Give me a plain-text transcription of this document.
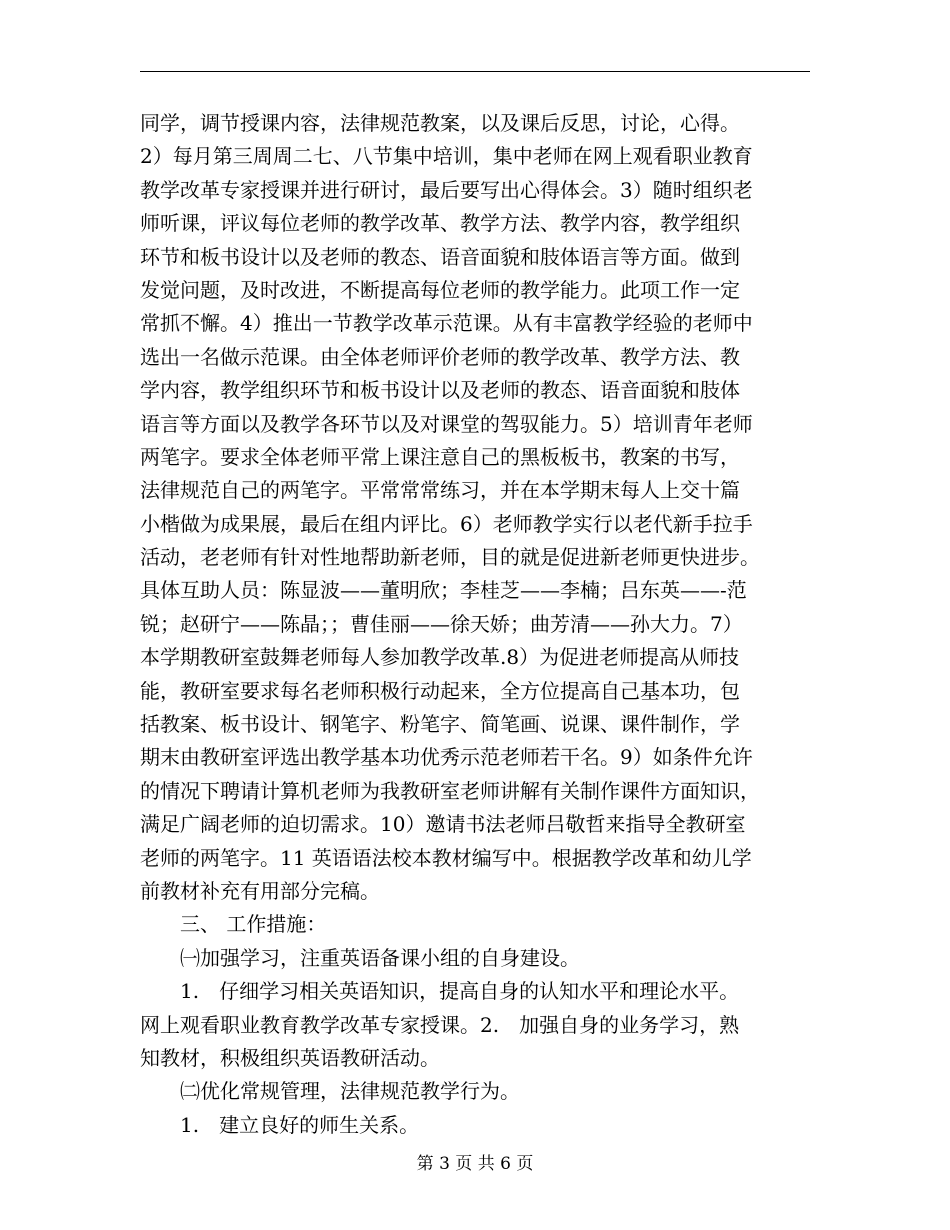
同学，调节授课内容，法律规范教案，以及课后反思，讨论，心得。
2）每月第三周周二七、八节集中培训，集中老师在网上观看职业教育
教学改革专家授课并进行研讨，最后要写出心得体会。3）随时组织老
师听课，评议每位老师的教学改革、教学方法、教学内容，教学组织
环节和板书设计以及老师的教态、语音面貌和肢体语言等方面。做到
发觉问题，及时改进，不断提高每位老师的教学能力。此项工作一定
常抓不懈。4）推出一节教学改革示范课。从有丰富教学经验的老师中
选出一名做示范课。由全体老师评价老师的教学改革、教学方法、教
学内容，教学组织环节和板书设计以及老师的教态、语音面貌和肢体
语言等方面以及教学各环节以及对课堂的驾驭能力。5）培训青年老师
两笔字。要求全体老师平常上课注意自己的黑板板书，教案的书写，
法律规范自己的两笔字。平常常常练习，并在本学期末每人上交十篇
小楷做为成果展，最后在组内评比。6）老师教学实行以老代新手拉手
活动，老老师有针对性地帮助新老师，目的就是促进新老师更快进步。
具体互助人员：陈显波——董明欣；李桂芝——李楠；吕东英——-范
锐；赵研宁——陈晶；；曹佳丽——徐天娇；曲芳清——孙大力。7）
本学期教研室鼓舞老师每人参加教学改革.8）为促进老师提高从师技
能，教研室要求每名老师积极行动起来，全方位提高自己基本功，包
括教案、板书设计、钢笔字、粉笔字、简笔画、说课、课件制作，学
期末由教研室评选出教学基本功优秀示范老师若干名。9）如条件允许
的情况下聘请计算机老师为我教研室老师讲解有关制作课件方面知识，
满足广阔老师的迫切需求。10）邀请书法老师吕敬哲来指导全教研室
老师的两笔字。11 英语语法校本教材编写中。根据教学改革和幼儿学
前教材补充有用部分完稿。
三、 工作措施：
㈠加强学习，注重英语备课小组的自身建设。
1.　仔细学习相关英语知识，提高自身的认知水平和理论水平。
网上观看职业教育教学改革专家授课。2.　加强自身的业务学习，熟
知教材，积极组织英语教研活动。
㈡优化常规管理，法律规范教学行为。
1.　建立良好的师生关系。
第 3 页 共 6 页
